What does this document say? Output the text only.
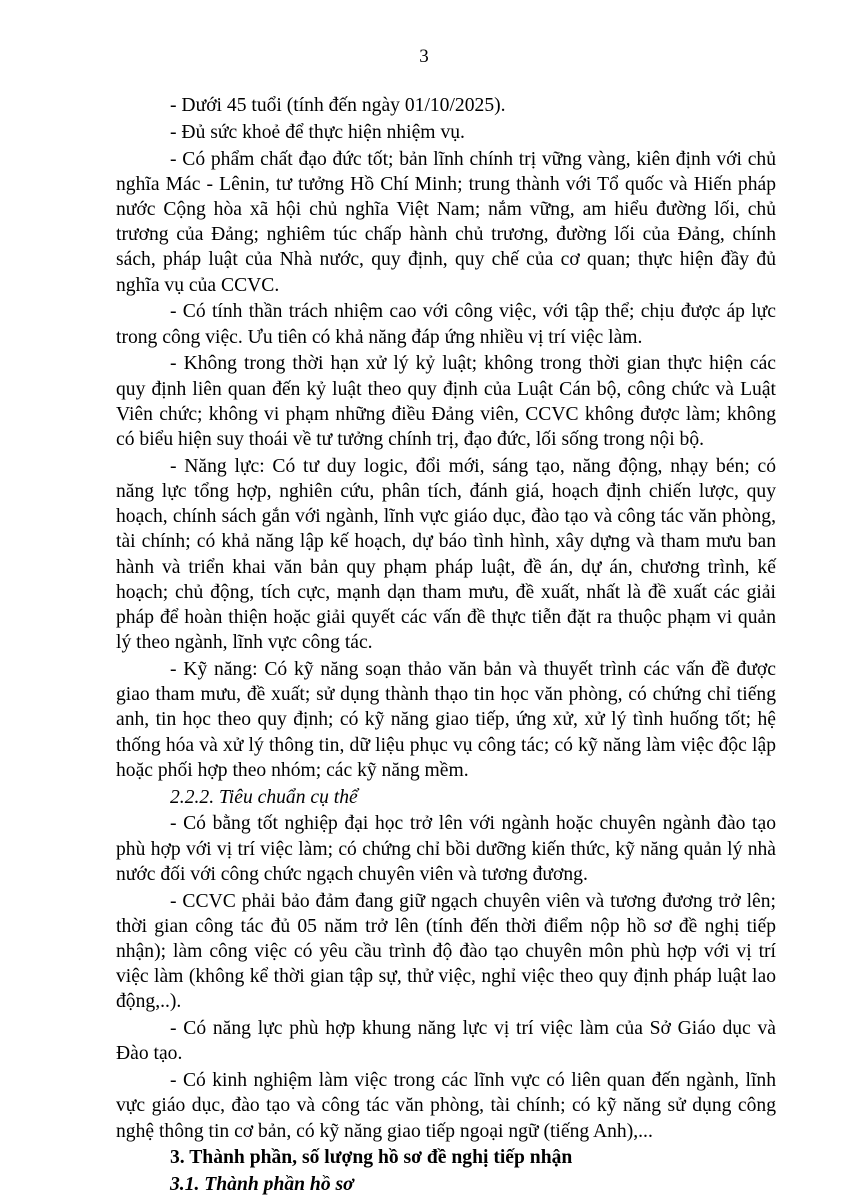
3

- Dưới 45 tuổi (tính đến ngày 01/10/2025).

- Đủ sức khoẻ để thực hiện nhiệm vụ.

- Có phẩm chất đạo đức tốt; bản lĩnh chính trị vững vàng, kiên định với chủ nghĩa Mác - Lênin, tư tưởng Hồ Chí Minh; trung thành với Tổ quốc và Hiến pháp nước Cộng hòa xã hội chủ nghĩa Việt Nam; nắm vững, am hiểu đường lối, chủ trương của Đảng; nghiêm túc chấp hành chủ trương, đường lối của Đảng, chính sách, pháp luật của Nhà nước, quy định, quy chế của cơ quan; thực hiện đầy đủ nghĩa vụ của CCVC.

- Có tính thần trách nhiệm cao với công việc, với tập thể; chịu được áp lực trong công việc. Ưu tiên có khả năng đáp ứng nhiều vị trí việc làm.

- Không trong thời hạn xử lý kỷ luật; không trong thời gian thực hiện các quy định liên quan đến kỷ luật theo quy định của Luật Cán bộ, công chức và Luật Viên chức; không vi phạm những điều Đảng viên, CCVC không được làm; không có biểu hiện suy thoái về tư tưởng chính trị, đạo đức, lối sống trong nội bộ.

- Năng lực: Có tư duy logic, đổi mới, sáng tạo, năng động, nhạy bén; có năng lực tổng hợp, nghiên cứu, phân tích, đánh giá, hoạch định chiến lược, quy hoạch, chính sách gắn với ngành, lĩnh vực giáo dục, đào tạo và công tác văn phòng, tài chính; có khả năng lập kế hoạch, dự báo tình hình, xây dựng và tham mưu ban hành và triển khai văn bản quy phạm pháp luật, đề án, dự án, chương trình, kế hoạch; chủ động, tích cực, mạnh dạn tham mưu, đề xuất, nhất là đề xuất các giải pháp để hoàn thiện hoặc giải quyết các vấn đề thực tiễn đặt ra thuộc phạm vi quản lý theo ngành, lĩnh vực công tác.

- Kỹ năng: Có kỹ năng soạn thảo văn bản và thuyết trình các vấn đề được giao tham mưu, đề xuất; sử dụng thành thạo tin học văn phòng, có chứng chỉ tiếng anh, tin học theo quy định; có kỹ năng giao tiếp, ứng xử, xử lý tình huống tốt; hệ thống hóa và xử lý thông tin, dữ liệu phục vụ công tác; có kỹ năng làm việc độc lập hoặc phối hợp theo nhóm; các kỹ năng mềm.

2.2.2. Tiêu chuẩn cụ thể

- Có bằng tốt nghiệp đại học trở lên với ngành hoặc chuyên ngành đào tạo phù hợp với vị trí việc làm; có chứng chỉ bồi dưỡng kiến thức, kỹ năng quản lý nhà nước đối với công chức ngạch chuyên viên và tương đương.

- CCVC phải bảo đảm đang giữ ngạch chuyên viên và tương đương trở lên; thời gian công tác đủ 05 năm trở lên (tính đến thời điểm nộp hồ sơ đề nghị tiếp nhận); làm công việc có yêu cầu trình độ đào tạo chuyên môn phù hợp với vị trí việc làm (không kể thời gian tập sự, thử việc, nghỉ việc theo quy định pháp luật lao động,..).

- Có năng lực phù hợp khung năng lực vị trí việc làm của Sở Giáo dục và Đào tạo.

- Có kinh nghiệm làm việc trong các lĩnh vực có liên quan đến ngành, lĩnh vực giáo dục, đào tạo và công tác văn phòng, tài chính; có kỹ năng sử dụng công nghệ thông tin cơ bản, có kỹ năng giao tiếp ngoại ngữ (tiếng Anh),...

3. Thành phần, số lượng hồ sơ đề nghị tiếp nhận

3.1. Thành phần hồ sơ
